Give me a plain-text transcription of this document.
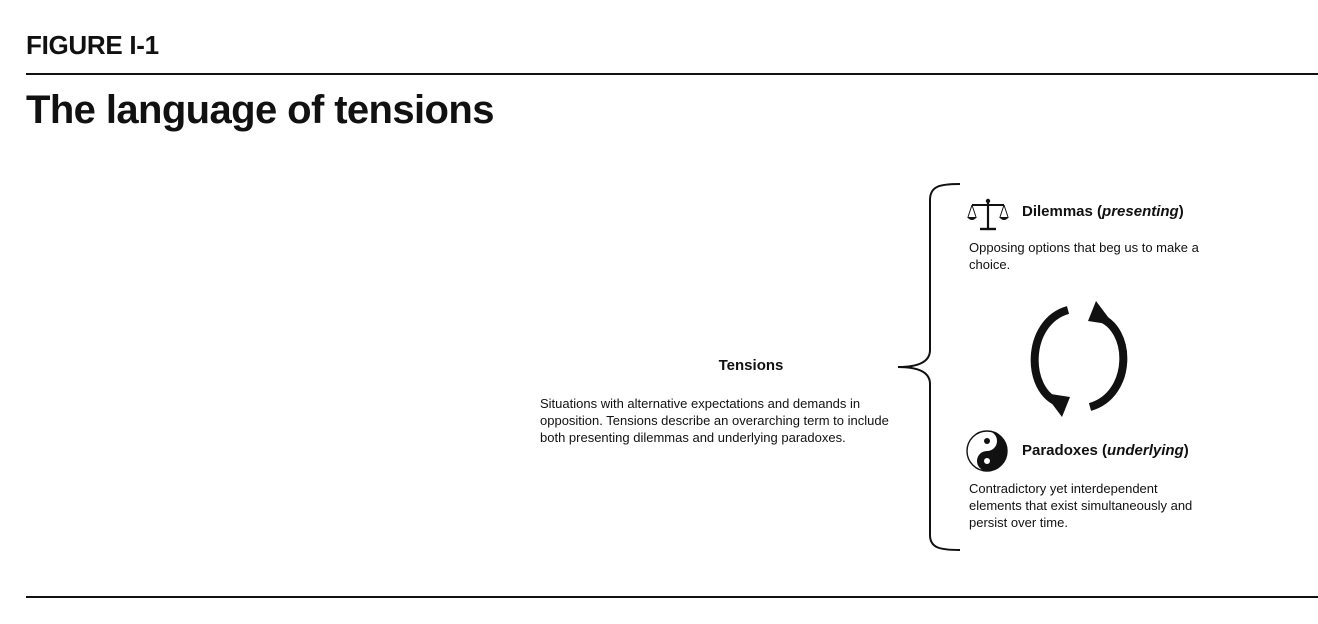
FIGURE I-1
The language of tensions
Tensions
Situations with alternative expectations and demands in opposition. Tensions describe an overarching term to include both presenting dilemmas and underlying paradoxes.
Dilemmas (presenting)
Opposing options that beg us to make a choice.
Paradoxes (underlying)
Contradictory yet interdependent elements that exist simultaneously and persist over time.
